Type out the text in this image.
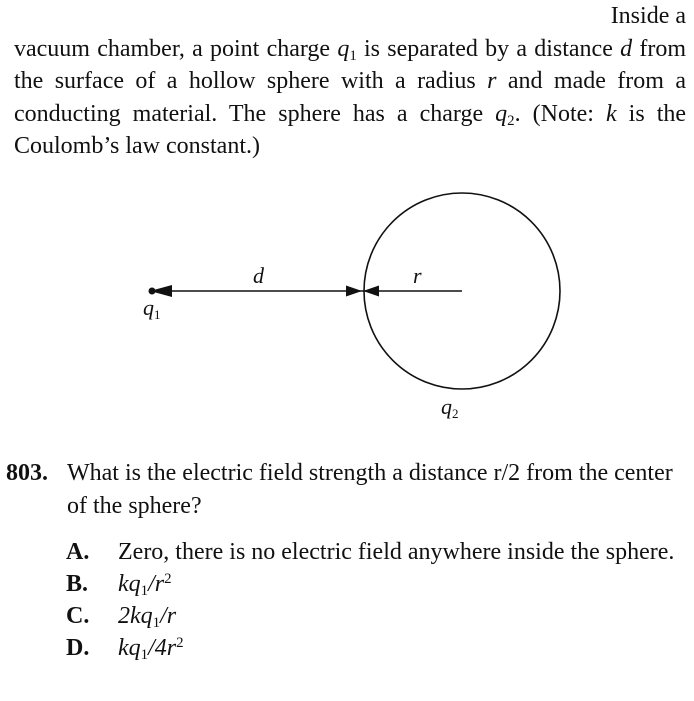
Inside a
vacuum chamber, a point charge $q_1$ is separated by a distance d from the surface of a hollow sphere with a radius r and made from a conducting material. The sphere has a charge $q_2$. (Note: k is the Coulomb’s law constant.)
d	r
q 1
q 2
803. What is the electric field strength a distance r/2 from the center of the sphere?
A. Zero, there is no electric field anywhere inside the sphere.
B. $kq_1/r^2$
C. $2kq_1/r$
D. $kq_1/4r^2$
